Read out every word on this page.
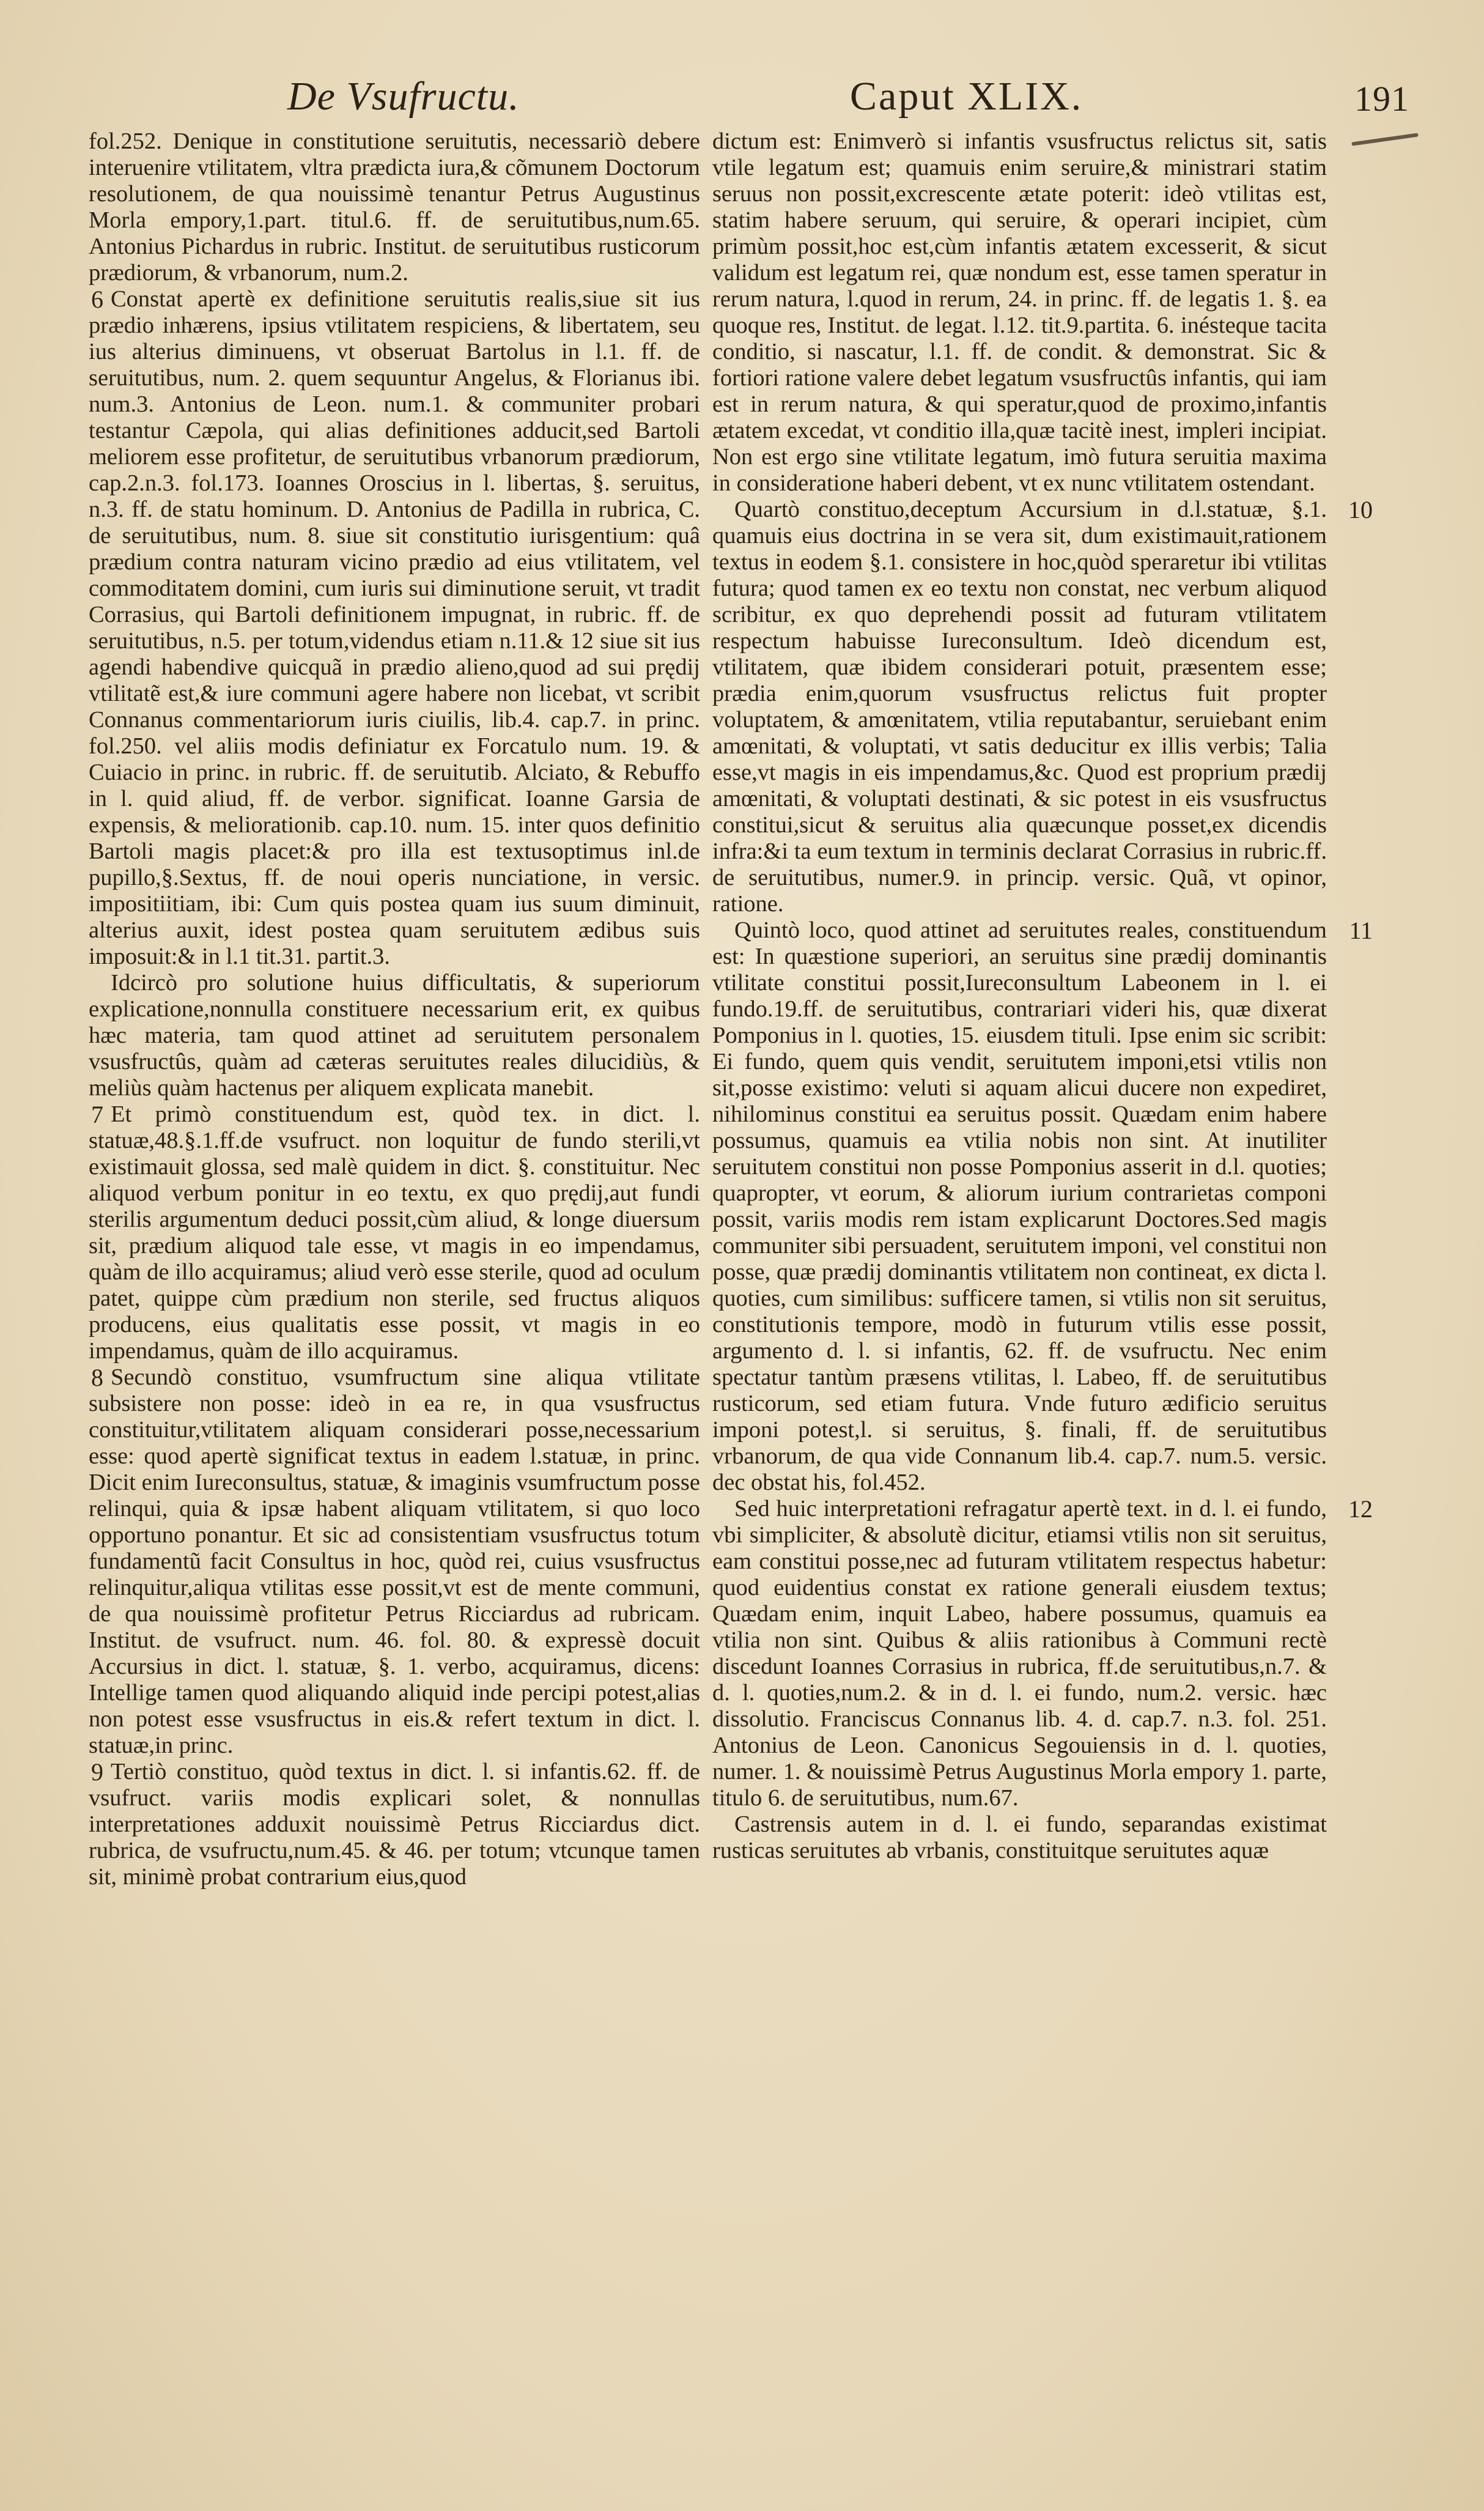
De Vsufructu.	Caput XLIX.	191

fol.252. Denique in constitutione seruitutis, necessariò debere interuenire vtilitatem, vltra prædicta iura,& cõmunem Doctorum resolutionem, de qua nouissimè tenantur Petrus Augustinus Morla empory,1.part. titul.6. ff. de seruitutibus,num.65. Antonius Pichardus in rubric. Institut. de seruitutibus rusticorum prædiorum, & vrbanorum, num.2.

6 Constat apertè ex definitione seruitutis realis,siue sit ius prædio inhærens, ipsius vtilitatem respiciens, & libertatem, seu ius alterius diminuens, vt obseruat Bartolus in l.1. ff. de seruitutibus, num. 2. quem sequuntur Angelus, & Florianus ibi. num.3. Antonius de Leon. num.1. & communiter probari testantur Cæpola, qui alias definitiones adducit,sed Bartoli meliorem esse profitetur, de seruitutibus vrbanorum prædiorum, cap.2.n.3. fol.173. Ioannes Oroscius in l. libertas, §. seruitus, n.3. ff. de statu hominum. D. Antonius de Padilla in rubrica, C. de seruitutibus, num. 8. siue sit constitutio iurisgentium: quâ prædium contra naturam vicino prædio ad eius vtilitatem, vel commoditatem domini, cum iuris sui diminutione seruit, vt tradit Corrasius, qui Bartoli definitionem impugnat, in rubric. ff. de seruitutibus, n.5. per totum,videndus etiam n.11.& 12 siue sit ius agendi habendive quicquã in prædio alieno,quod ad sui prędij vtilitatẽ est,& iure communi agere habere non licebat, vt scribit Connanus commentariorum iuris ciuilis, lib.4. cap.7. in princ. fol.250. vel aliis modis definiatur ex Forcatulo num. 19. & Cuiacio in princ. in rubric. ff. de seruitutib. Alciato, & Rebuffo in l. quid aliud, ff. de verbor. significat. Ioanne Garsia de expensis, & meliorationib. cap.10. num. 15. inter quos definitio Bartoli magis placet:& pro illa est textusoptimus inl.de pupillo,§.Sextus, ff. de noui operis nunciatione, in versic. impositiitiam, ibi: Cum quis postea quam ius suum diminuit, alterius auxit, idest postea quam seruitutem ædibus suis imposuit:& in l.1 tit.31. partit.3.

Idcircò pro solutione huius difficultatis, & superiorum explicatione,nonnulla constituere necessarium erit, ex quibus hæc materia, tam quod attinet ad seruitutem personalem vsusfructûs, quàm ad cæteras seruitutes reales dilucidiùs, & meliùs quàm hactenus per aliquem explicata manebit.

7 Et primò constituendum est, quòd tex. in dict. l. statuæ,48.§.1.ff.de vsufruct. non loquitur de fundo sterili,vt existimauit glossa, sed malè quidem in dict. §. constituitur. Nec aliquod verbum ponitur in eo textu, ex quo prędij,aut fundi sterilis argumentum deduci possit,cùm aliud, & longe diuersum sit, prædium aliquod tale esse, vt magis in eo impendamus, quàm de illo acquiramus; aliud verò esse sterile, quod ad oculum patet, quippe cùm prædium non sterile, sed fructus aliquos producens, eius qualitatis esse possit, vt magis in eo impendamus, quàm de illo acquiramus.

8 Secundò constituo, vsumfructum sine aliqua vtilitate subsistere non posse: ideò in ea re, in qua vsusfructus constituitur,vtilitatem aliquam considerari posse,necessarium esse: quod apertè significat textus in eadem l.statuæ, in princ. Dicit enim Iureconsultus, statuæ, & imaginis vsumfructum posse relinqui, quia & ipsæ habent aliquam vtilitatem, si quo loco opportuno ponantur. Et sic ad consistentiam vsusfructus totum fundamentũ facit Consultus in hoc, quòd rei, cuius vsusfructus relinquitur,aliqua vtilitas esse possit,vt est de mente communi, de qua nouissimè profitetur Petrus Ricciardus ad rubricam. Institut. de vsufruct. num. 46. fol. 80. & expressè docuit Accursius in dict. l. statuæ, §. 1. verbo, acquiramus, dicens: Intellige tamen quod aliquando aliquid inde percipi potest,alias non potest esse vsusfructus in eis.& refert textum in dict. l. statuæ,in princ.

9 Tertiò constituo, quòd textus in dict. l. si infantis.62. ff. de vsufruct. variis modis explicari solet, & nonnullas interpretationes adduxit nouissimè Petrus Ricciardus dict. rubrica, de vsufructu,num.45. & 46. per totum; vtcunque tamen sit, minimè probat contrarium eius,quod

dictum est: Enimverò si infantis vsusfructus relictus sit, satis vtile legatum est; quamuis enim seruire,& ministrari statim seruus non possit,excrescente ætate poterit: ideò vtilitas est, statim habere seruum, qui seruire, & operari incipiet, cùm primùm possit,hoc est,cùm infantis ætatem excesserit, & sicut validum est legatum rei, quæ nondum est, esse tamen speratur in rerum natura, l.quod in rerum, 24. in princ. ff. de legatis 1. §. ea quoque res, Institut. de legat. l.12. tit.9.partita. 6. inésteque tacita conditio, si nascatur, l.1. ff. de condit. & demonstrat. Sic & fortiori ratione valere debet legatum vsusfructûs infantis, qui iam est in rerum natura, & qui speratur,quod de proximo,infantis ætatem excedat, vt conditio illa,quæ tacitè inest, impleri incipiat. Non est ergo sine vtilitate legatum, imò futura seruitia maxima in consideratione haberi debent, vt ex nunc vtilitatem ostendant.

10
Quartò constituo,deceptum Accursium in d.l.statuæ, §.1. quamuis eius doctrina in se vera sit, dum existimauit,rationem textus in eodem §.1. consistere in hoc,quòd speraretur ibi vtilitas futura; quod tamen ex eo textu non constat, nec verbum aliquod scribitur, ex quo deprehendi possit ad futuram vtilitatem respectum habuisse Iureconsultum. Ideò dicendum est, vtilitatem, quæ ibidem considerari potuit, præsentem esse; prædia enim,quorum vsusfructus relictus fuit propter voluptatem, & amœnitatem, vtilia reputabantur, seruiebant enim amœnitati, & voluptati, vt satis deducitur ex illis verbis; Talia esse,vt magis in eis impendamus,&c. Quod est proprium prædij amœnitati, & voluptati destinati, & sic potest in eis vsusfructus constitui,sicut & seruitus alia quæcunque posset,ex dicendis infra:&i ta eum textum in terminis declarat Corrasius in rubric.ff. de seruitutibus, numer.9. in princip. versic. Quã, vt opinor, ratione.

11
Quintò loco, quod attinet ad seruitutes reales, constituendum est: In quæstione superiori, an seruitus sine prædij dominantis vtilitate constitui possit,Iureconsultum Labeonem in l. ei fundo.19.ff. de seruitutibus, contrariari videri his, quæ dixerat Pomponius in l. quoties, 15. eiusdem tituli. Ipse enim sic scribit: Ei fundo, quem quis vendit, seruitutem imponi,etsi vtilis non sit,posse existimo: veluti si aquam alicui ducere non expediret, nihilominus constitui ea seruitus possit. Quædam enim habere possumus, quamuis ea vtilia nobis non sint. At inutiliter seruitutem constitui non posse Pomponius asserit in d.l. quoties; quapropter, vt eorum, & aliorum iurium contrarietas componi possit, variis modis rem istam explicarunt Doctores.Sed magis communiter sibi persuadent, seruitutem imponi, vel constitui non posse, quæ prædij dominantis vtilitatem non contineat, ex dicta l. quoties, cum similibus: sufficere tamen, si vtilis non sit seruitus, constitutionis tempore, modò in futurum vtilis esse possit, argumento d. l. si infantis, 62. ff. de vsufructu. Nec enim spectatur tantùm præsens vtilitas, l. Labeo, ff. de seruitutibus rusticorum, sed etiam futura. Vnde futuro ædificio seruitus imponi potest,l. si seruitus, §. finali, ff. de seruitutibus vrbanorum, de qua vide Connanum lib.4. cap.7. num.5. versic. dec obstat his, fol.452.

12
Sed huic interpretationi refragatur apertè text. in d. l. ei fundo, vbi simpliciter, & absolutè dicitur, etiamsi vtilis non sit seruitus, eam constitui posse,nec ad futuram vtilitatem respectus habetur: quod euidentius constat ex ratione generali eiusdem textus; Quædam enim, inquit Labeo, habere possumus, quamuis ea vtilia non sint. Quibus & aliis rationibus à Communi rectè discedunt Ioannes Corrasius in rubrica, ff.de seruitutibus,n.7. & d. l. quoties,num.2. & in d. l. ei fundo, num.2. versic. hæc dissolutio. Franciscus Connanus lib. 4. d. cap.7. n.3. fol. 251. Antonius de Leon. Canonicus Segouiensis in d. l. quoties, numer. 1. & nouissimè Petrus Augustinus Morla empory 1. parte, titulo 6. de seruitutibus, num.67.

Castrensis autem in d. l. ei fundo, separandas existimat rusticas seruitutes ab vrbanis, constituitque seruitutes aquæ
